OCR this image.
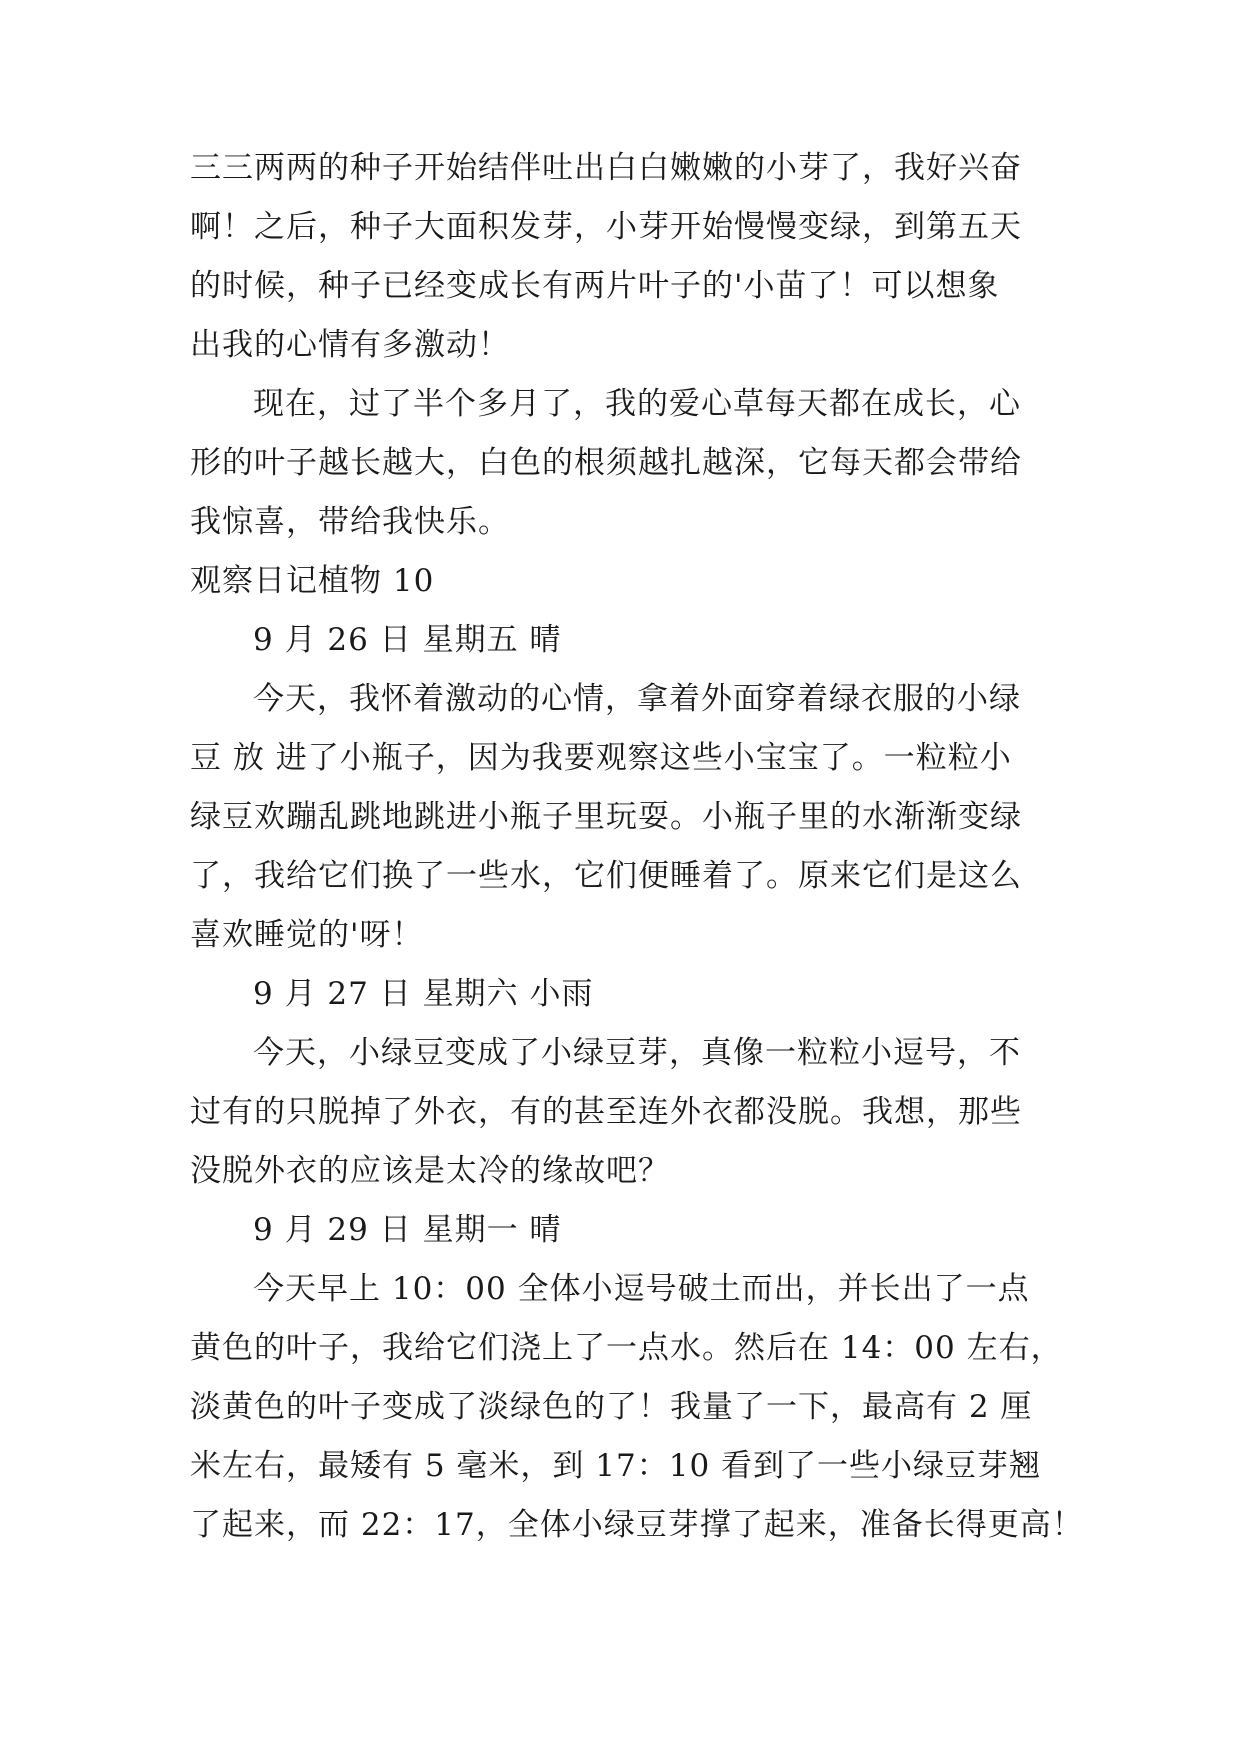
三三两两的种子开始结伴吐出白白嫩嫩的小芽了，我好兴奋
啊！之后，种子大面积发芽，小芽开始慢慢变绿，到第五天
的时候，种子已经变成长有两片叶子的'小苗了！可以想象
出我的心情有多激动！
现在，过了半个多月了，我的爱心草每天都在成长，心
形的叶子越长越大，白色的根须越扎越深，它每天都会带给
我惊喜，带给我快乐。
观察日记植物 10
9 月 26 日 星期五 晴
今天，我怀着激动的心情，拿着外面穿着绿衣服的小绿
豆 放 进了小瓶子，因为我要观察这些小宝宝了。一粒粒小
绿豆欢蹦乱跳地跳进小瓶子里玩耍。小瓶子里的水渐渐变绿
了，我给它们换了一些水，它们便睡着了。原来它们是这么
喜欢睡觉的'呀！
9 月 27 日 星期六 小雨
今天，小绿豆变成了小绿豆芽，真像一粒粒小逗号，不
过有的只脱掉了外衣，有的甚至连外衣都没脱。我想，那些
没脱外衣的应该是太冷的缘故吧？
9 月 29 日 星期一 晴
今天早上 10：00 全体小逗号破土而出，并长出了一点
黄色的叶子，我给它们浇上了一点水。然后在 14：00 左右，
淡黄色的叶子变成了淡绿色的了！我量了一下，最高有 2 厘
米左右，最矮有 5 毫米，到 17：10 看到了一些小绿豆芽翘
了起来，而 22：17，全体小绿豆芽撑了起来，准备长得更高！
